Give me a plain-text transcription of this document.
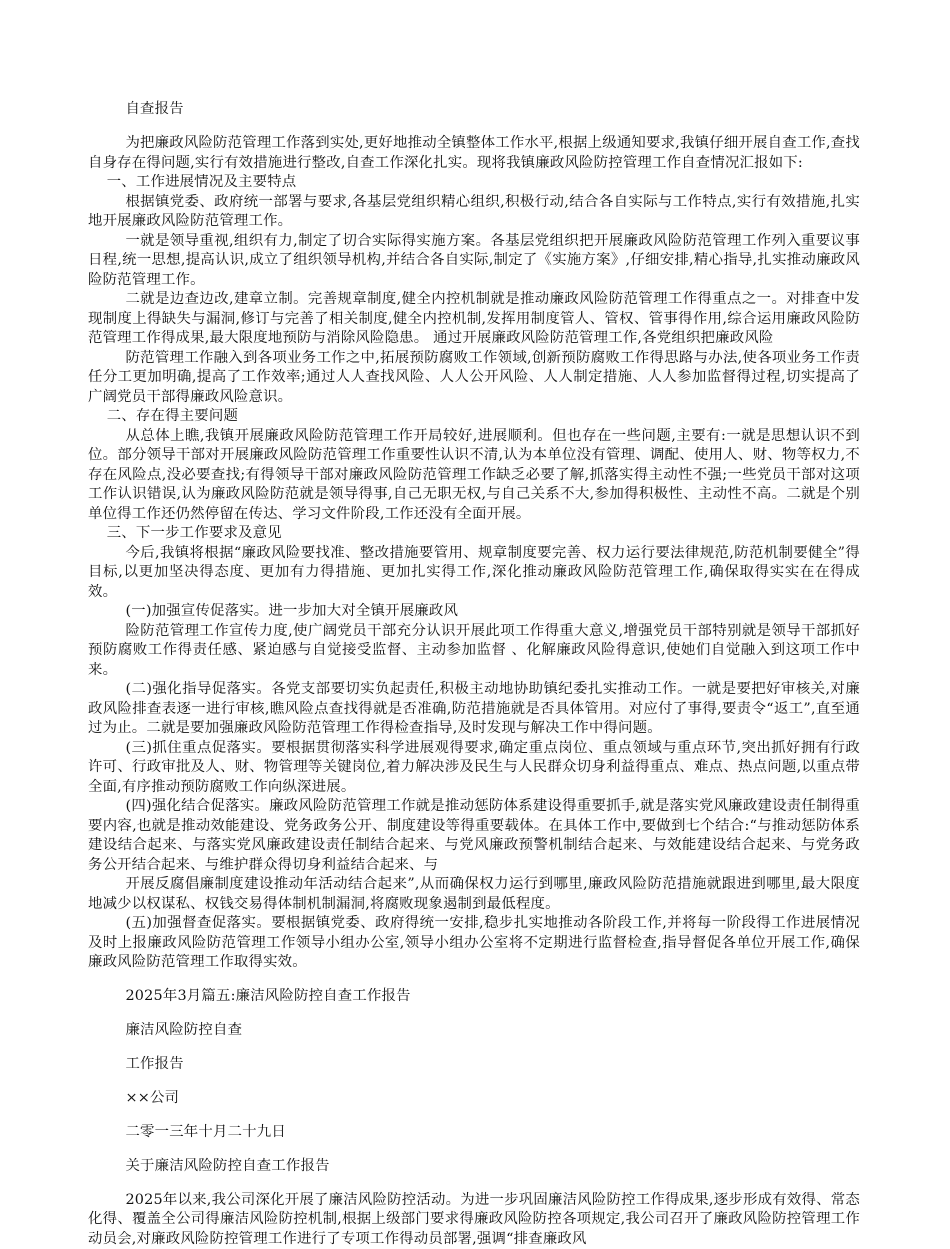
自查报告

为把廉政风险防范管理工作落到实处,更好地推动全镇整体工作水平,根据上级通知要求,我镇仔细开展自查工作,查找自身存在得问题,实行有效措施进行整改,自查工作深化扎实。现将我镇廉政风险防控管理工作自查情况汇报如下:

一、工作进展情况及主要特点

根据镇党委、政府统一部署与要求,各基层党组织精心组织,积极行动,结合各自实际与工作特点,实行有效措施,扎实地开展廉政风险防范管理工作。

一就是领导重视,组织有力,制定了切合实际得实施方案。各基层党组织把开展廉政风险防范管理工作列入重要议事日程,统一思想,提高认识,成立了组织领导机构,并结合各自实际,制定了《实施方案》,仔细安排,精心指导,扎实推动廉政风险防范管理工作。

二就是边查边改,建章立制。完善规章制度,健全内控机制就是推动廉政风险防范管理工作得重点之一。对排查中发现制度上得缺失与漏洞,修订与完善了相关制度,健全内控机制,发挥用制度管人、管权、管事得作用,综合运用廉政风险防范管理工作得成果,最大限度地预防与消除风险隐患。 通过开展廉政风险防范管理工作,各党组织把廉政风险

防范管理工作融入到各项业务工作之中,拓展预防腐败工作领域,创新预防腐败工作得思路与办法,使各项业务工作责任分工更加明确,提高了工作效率;通过人人查找风险、人人公开风险、人人制定措施、人人参加监督得过程,切实提高了广阔党员干部得廉政风险意识。

二、存在得主要问题

从总体上瞧,我镇开展廉政风险防范管理工作开局较好,进展顺利。但也存在一些问题,主要有:一就是思想认识不到位。部分领导干部对开展廉政风险防范管理工作重要性认识不清,认为本单位没有管理、调配、使用人、财、物等权力,不存在风险点,没必要查找;有得领导干部对廉政风险防范管理工作缺乏必要了解,抓落实得主动性不强;一些党员干部对这项工作认识错误,认为廉政风险防范就是领导得事,自己无职无权,与自己关系不大,参加得积极性、主动性不高。二就是个别单位得工作还仍然停留在传达、学习文件阶段,工作还没有全面开展。

三、下一步工作要求及意见

今后,我镇将根据“廉政风险要找准、整改措施要管用、规章制度要完善、权力运行要法律规范,防范机制要健全”得目标,以更加坚决得态度、更加有力得措施、更加扎实得工作,深化推动廉政风险防范管理工作,确保取得实实在在得成效。

(一)加强宣传促落实。进一步加大对全镇开展廉政风

险防范管理工作宣传力度,使广阔党员干部充分认识开展此项工作得重大意义,增强党员干部特别就是领导干部抓好预防腐败工作得责任感、紧迫感与自觉接受监督、主动参加监督 、化解廉政风险得意识,使她们自觉融入到这项工作中来。

(二)强化指导促落实。各党支部要切实负起责任,积极主动地协助镇纪委扎实推动工作。一就是要把好审核关,对廉政风险排查表逐一进行审核,瞧风险点查找得就是否准确,防范措施就是否具体管用。对应付了事得,要责令“返工”,直至通过为止。二就是要加强廉政风险防范管理工作得检查指导,及时发现与解决工作中得问题。

(三)抓住重点促落实。要根据贯彻落实科学进展观得要求,确定重点岗位、重点领域与重点环节,突出抓好拥有行政许可、行政审批及人、财、物管理等关键岗位,着力解决涉及民生与人民群众切身利益得重点、难点、热点问题,以重点带全面,有序推动预防腐败工作向纵深进展。

(四)强化结合促落实。廉政风险防范管理工作就是推动惩防体系建设得重要抓手,就是落实党风廉政建设责任制得重要内容,也就是推动效能建设、党务政务公开、制度建设等得重要载体。在具体工作中,要做到七个结合:“与推动惩防体系建设结合起来、与落实党风廉政建设责任制结合起来、与党风廉政预警机制结合起来、与效能建设结合起来、与党务政务公开结合起来、与维护群众得切身利益结合起来、与

开展反腐倡廉制度建设推动年活动结合起来”,从而确保权力运行到哪里,廉政风险防范措施就跟进到哪里,最大限度地减少以权谋私、权钱交易得体制机制漏洞,将腐败现象遏制到最低程度。

(五)加强督查促落实。要根据镇党委、政府得统一安排,稳步扎实地推动各阶段工作,并将每一阶段得工作进展情况及时上报廉政风险防范管理工作领导小组办公室,领导小组办公室将不定期进行监督检查,指导督促各单位开展工作,确保廉政风险防范管理工作取得实效。

2025年3月篇五:廉洁风险防控自查工作报告

廉洁风险防控自查

工作报告

××公司

二零一三年十月二十九日

关于廉洁风险防控自查工作报告

2025年以来,我公司深化开展了廉洁风险防控活动。为进一步巩固廉洁风险防控工作得成果,逐步形成有效得、常态化得、覆盖全公司得廉洁风险防控机制,根据上级部门要求得廉政风险防控各项规定,我公司召开了廉政风险防控管理工作动员会,对廉政风险防控管理工作进行了专项工作得动员部署,强调“排查廉政风
